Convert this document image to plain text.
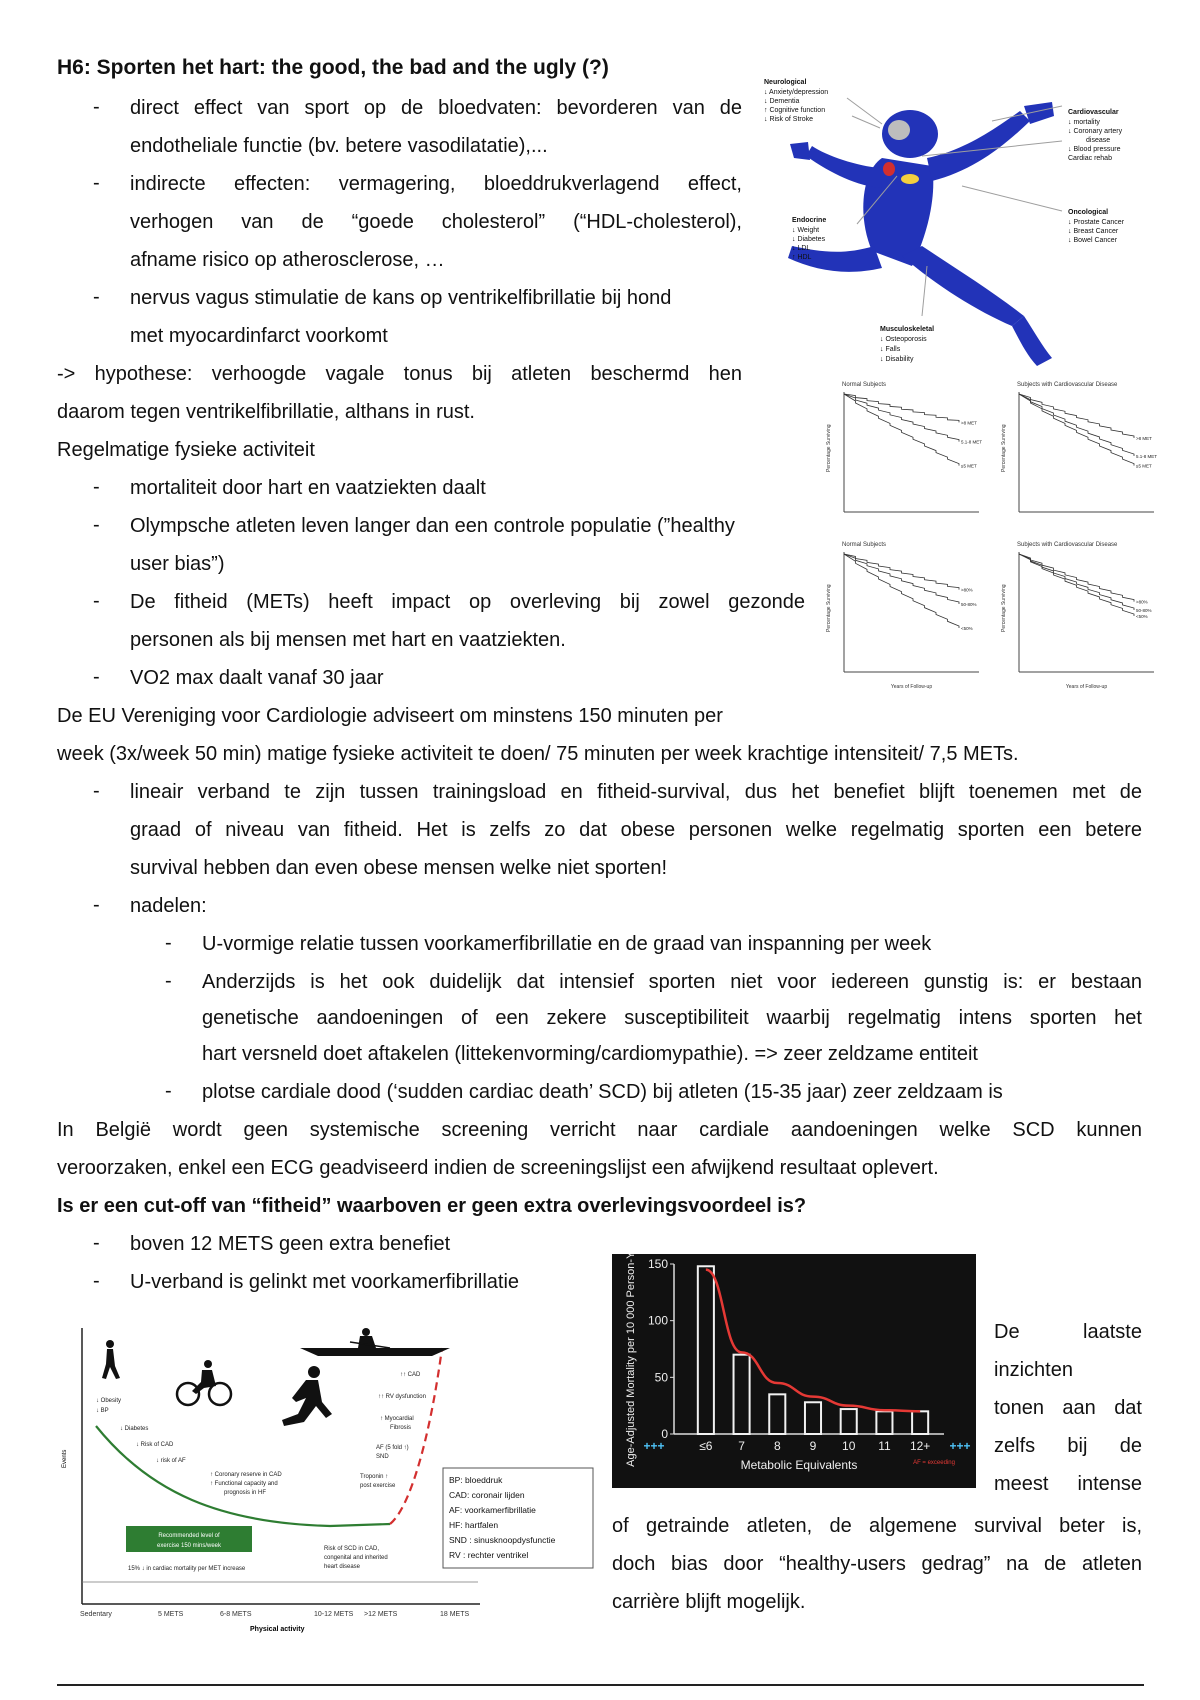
H6: Sporten het hart: the good, the bad and the ugly (?)
- direct effect van sport op de bloedvaten: bevorderen van de
endotheliale functie (bv. betere vasodilatatie),...
- indirecte effecten: vermagering, bloeddrukverlagend effect,
verhogen van de “goede cholesterol” (“HDL-cholesterol),
afname risico op atherosclerose, …
- nervus vagus stimulatie de kans op ventrikelfibrillatie bij hond
met myocardinfarct voorkomt
-> hypothese: verhoogde vagale tonus bij atleten beschermd hen
daarom tegen ventrikelfibrillatie, althans in rust.
Regelmatige fysieke activiteit
- mortaliteit door hart en vaatziekten daalt
- Olympsche atleten leven langer dan een controle populatie (”healthy
user bias”)
- De fitheid (METs) heeft impact op overleving bij zowel gezonde
personen als bij mensen met hart en vaatziekten.
- VO2 max daalt vanaf 30 jaar
De EU Vereniging voor Cardiologie adviseert om minstens 150 minuten per
week (3x/week 50 min) matige fysieke activiteit te doen/ 75 minuten per week krachtige intensiteit/ 7,5 METs.
- lineair verband te zijn tussen trainingsload en fitheid-survival, dus het benefiet blijft toenemen met de
graad of niveau van fitheid. Het is zelfs zo dat obese personen welke regelmatig sporten een betere
survival hebben dan even obese mensen welke niet sporten!
- nadelen:
- U-vormige relatie tussen voorkamerfibrillatie en de graad van inspanning per week
- Anderzijds is het ook duidelijk dat intensief sporten niet voor iedereen gunstig is: er bestaan
genetische aandoeningen of een zekere susceptibiliteit waarbij regelmatig intens sporten het
hart versneld doet aftakelen (littekenvorming/cardiomypathie). => zeer zeldzame entiteit
- plotse cardiale dood (‘sudden cardiac death’ SCD) bij atleten (15-35 jaar) zeer zeldzaam is
In België wordt geen systemische screening verricht naar cardiale aandoeningen welke SCD kunnen
veroorzaken, enkel een ECG geadviseerd indien de screeningslijst een afwijkend resultaat oplevert.
Is er een cut-off van “fitheid” waarboven er geen extra overlevingsvoordeel is?
- boven 12 METS geen extra benefiet
- U-verband is gelinkt met voorkamerfibrillatie
De laatste
inzichten
tonen aan dat
zelfs bij de
meest intense
of getrainde atleten, de algemene survival beter is,
doch bias door “healthy-users gedrag” na de atleten
carrière blijft mogelijk.
Neurological
↓ Anxiety/depression
↓ Dementia
↑ Cognitive function
↓ Risk of Stroke
Cardiovascular
↓ mortality
↓ Coronary artery
disease
↓ Blood pressure
Cardiac rehab
Oncological
↓ Prostate Cancer
↓ Breast Cancer
↓ Bowel Cancer
Endocrine
↓ Weight
↓ Diabetes
↓ LDL
↑ HDL
Musculoskeletal
↓ Osteoporosis
↓ Falls
↓ Disability
Normal Subjects
Percentage Surviving
>8 MET
5.1-8 MET
≤5 MET
Subjects with Cardiovascular Disease
Percentage Surviving	>8 MET
5.1-8 MET
≤5 MET
Normal Subjects
Percentage Surviving
Years of Follow-up
>80%
50-80%
<50%
Subjects with Cardiovascular Disease
Percentage Surviving
Years of Follow-up
>80%
50-80%
<50%
Age-Adjusted Mortality per 10 000 Person-Years 0
50
100
150
≤6 7 8 9 10 11 12+
+++	+++
Metabolic Equivalents	AF = exceeding
Events
Physical activity
Sedentary	5 METS	6-8 METS	10-12 METS >12 METS	18 METS
↓ Obesity
↓ BP
↓ Diabetes
↓ Risk of CAD
↓ risk of AF
↑ Coronary reserve in CAD
↑ Functional capacity and
prognosis in HF
↑↑ CAD
↑↑ RV dysfunction
↑ Myocardial
Fibrosis
AF (5 fold ↑)
SND
Troponin ↑
post exercise
Recommended level of
exercise 150 mins/week
15% ↓ in cardiac mortality per MET increase
Risk of SCD in CAD,
congenital and inherited
heart disease
BP: bloeddruk
CAD: coronair lijden
AF: voorkamerfibrillatie
HF: hartfalen
SND : sinusknoopdysfunctie
RV : rechter ventrikel
